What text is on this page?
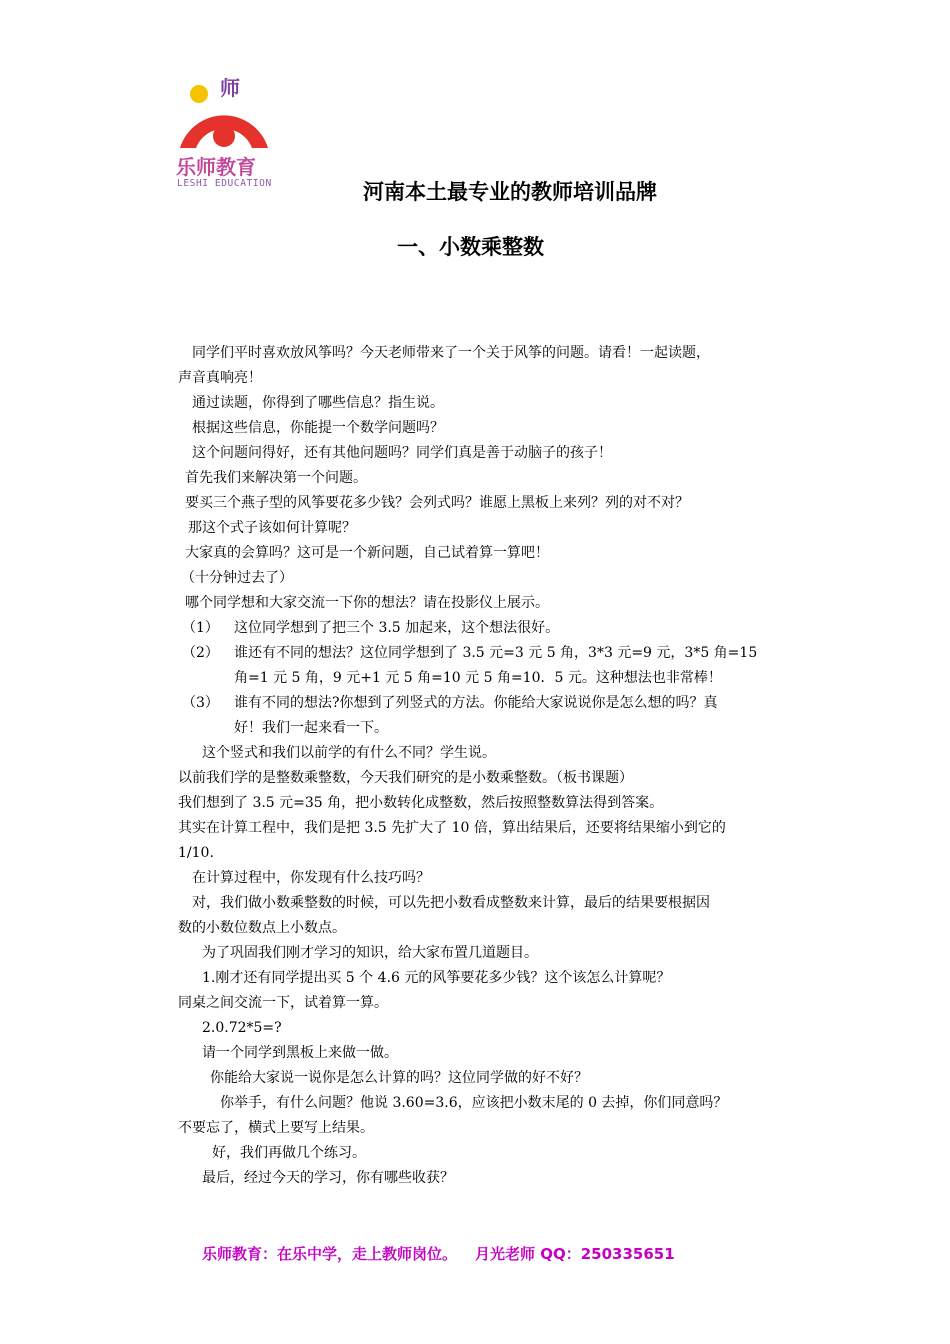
师
乐师教育
LESHI EDUCATION	河南本土最专业的教师培训品牌
一、小数乘整数
同学们平时喜欢放风筝吗？今天老师带来了一个关于风筝的问题。请看！一起读题，
声音真响亮！
通过读题，你得到了哪些信息？指生说。
根据这些信息，你能提一个数学问题吗？
这个问题问得好，还有其他问题吗？同学们真是善于动脑子的孩子！
首先我们来解决第一个问题。
要买三个燕子型的风筝要花多少钱？会列式吗？谁愿上黑板上来列？列的对不对？
那这个式子该如何计算呢？
大家真的会算吗？这可是一个新问题，自己试着算一算吧！
（十分钟过去了）
哪个同学想和大家交流一下你的想法？请在投影仪上展示。
（1） 这位同学想到了把三个 3.5 加起来，这个想法很好。
（2） 谁还有不同的想法？这位同学想到了 3.5 元=3 元 5 角，3*3 元=9 元，3*5 角=15
角=1 元 5 角，9 元+1 元 5 角=10 元 5 角=10．5 元。这种想法也非常棒！
（3） 谁有不同的想法?你想到了列竖式的方法。你能给大家说说你是怎么想的吗？真
好！我们一起来看一下。
这个竖式和我们以前学的有什么不同？学生说。
以前我们学的是整数乘整数，今天我们研究的是小数乘整数。（板书课题）
我们想到了 3.5 元=35 角，把小数转化成整数，然后按照整数算法得到答案。
其实在计算工程中，我们是把 3.5 先扩大了 10 倍，算出结果后，还要将结果缩小到它的
1/10.
在计算过程中，你发现有什么技巧吗？
对，我们做小数乘整数的时候，可以先把小数看成整数来计算，最后的结果要根据因
数的小数位数点上小数点。
为了巩固我们刚才学习的知识，给大家布置几道题目。
1.刚才还有同学提出买 5 个 4.6 元的风筝要花多少钱？这个该怎么计算呢？
同桌之间交流一下，试着算一算。
2.0.72*5=?
请一个同学到黑板上来做一做。
你能给大家说一说你是怎么计算的吗？这位同学做的好不好？
你举手，有什么问题？他说 3.60=3.6，应该把小数末尾的 0 去掉，你们同意吗？
不要忘了，横式上要写上结果。
好，我们再做几个练习。
最后，经过今天的学习，你有哪些收获？
乐师教育：在乐中学，走上教师岗位。 月光老师 QQ：250335651
